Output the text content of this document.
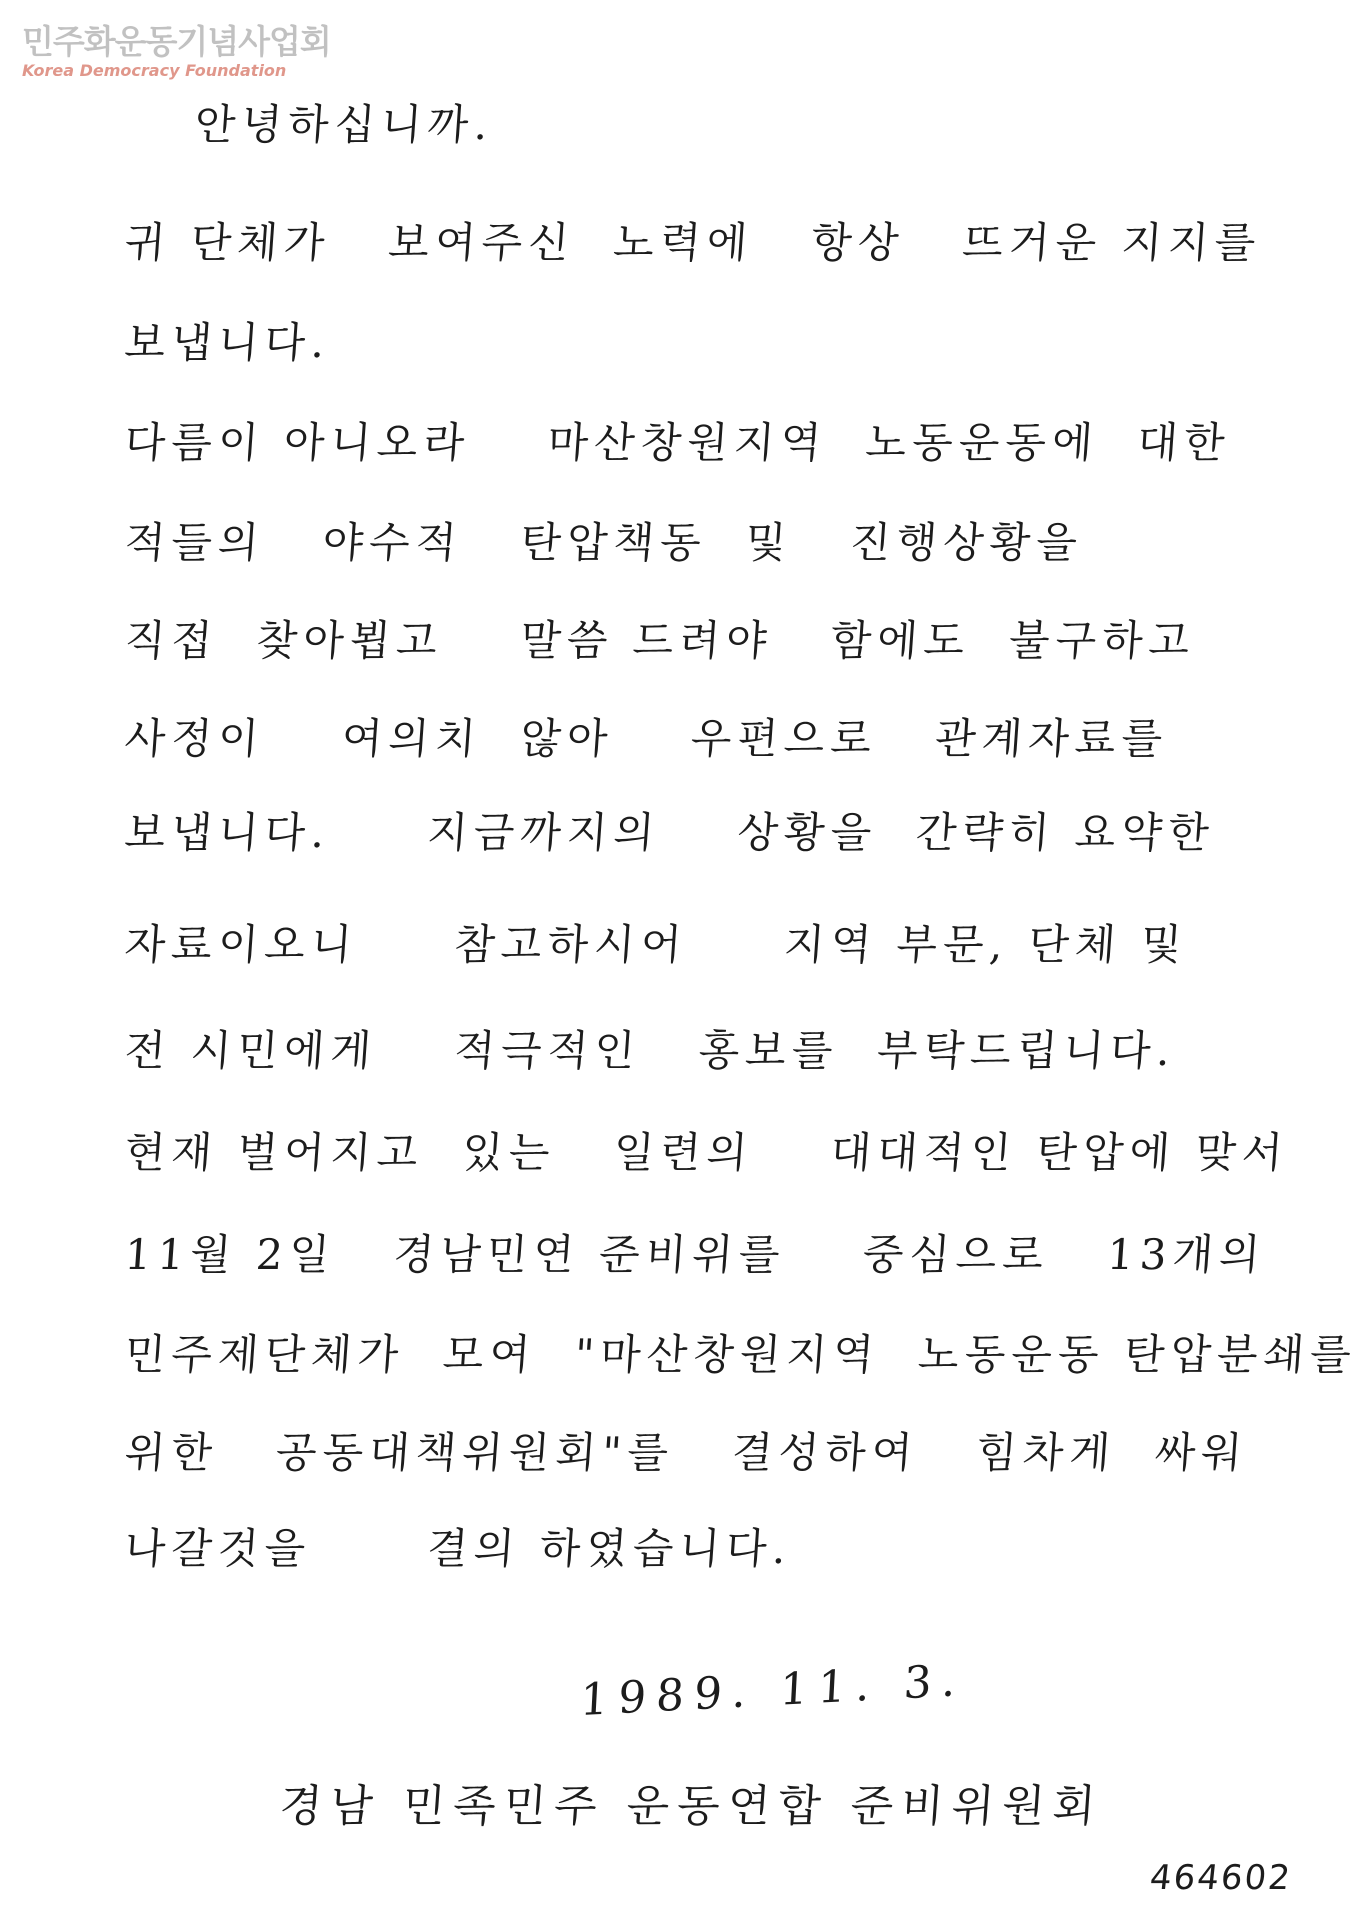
민주화운동기념사업회
Korea Democracy Foundation
안녕하십니까.
귀 단체가   보여주신  노력에   항상   뜨거운 지지를
보냅니다.
다름이 아니오라    마산창원지역  노동운동에  대한
적들의   야수적   탄압책동  및   진행상황을
직접  찾아뵙고    말씀 드려야   함에도  불구하고
사정이    여의치  않아    우편으로   관계자료를
보냅니다.     지금까지의    상황을  간략히 요약한
자료이오니     참고하시어     지역 부문, 단체 및
전 시민에게    적극적인   홍보를  부탁드립니다.
현재 벌어지고  있는   일련의    대대적인 탄압에 맞서
11월 2일   경남민연 준비위를    중심으로   13개의
민주제단체가  모여  "마산창원지역  노동운동 탄압분쇄를
위한   공동대책위원회"를   결성하여   힘차게  싸워
나갈것을      결의 하였습니다.
1989. 11. 3.
경남 민족민주 운동연합 준비위원회
464602
